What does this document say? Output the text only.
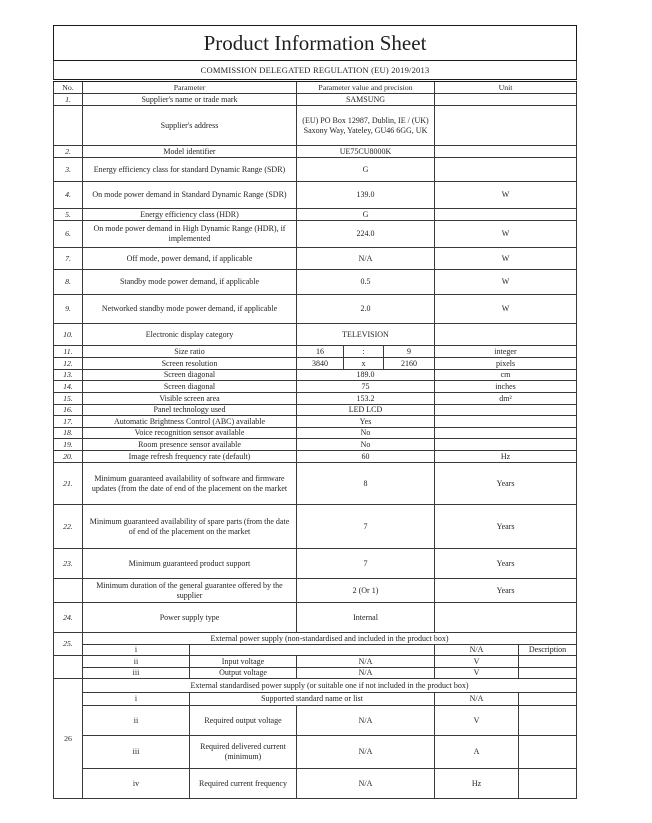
Product Information Sheet							
COMMISSION DELEGATED REGULATION (EU) 2019/2013							
No.	Parameter		Parameter value and precision			Unit	
1.	Supplier's name or trade mark		SAMSUNG				
	Supplier's address		(EU) PO Box 12987, Dublin, IE / (UK) Saxony Way, Yateley, GU46 6GG, UK				
2.	Model identifier		UE75CU8000K				
3.	Energy efficiency class for standard Dynamic Range (SDR)		G				
4.	On mode power demand in Standard Dynamic Range (SDR)		139.0			W	
5.	Energy efficiency class (HDR)		G				
6.	On mode power demand in High Dynamic Range (HDR), if implemented		224.0			W	
7.	Off mode, power demand, if applicable		N/A			W	
8.	Standby mode power demand, if applicable		0.5			W	
9.	Networked standby mode power demand, if applicable		2.0			W	
10.	Electronic display category		TELEVISION				
11.	Size ratio		16	:	9	integer	
12.	Screen resolution		3840	x	2160	pixels	
13.	Screen diagonal		189.0			cm	
14.	Screen diagonal		75			inches	
15.	Visible screen area		153.2			dm²	
16.	Panel technology used		LED LCD				
17.	Automatic Brightness Control (ABC) available		Yes				
18.	Voice recognition sensor available		No				
19.	Room presence sensor available		No				
20.	Image refresh frequency rate (default)		60			Hz	
21.	Minimum guaranteed availability of software and firmware updates (from the date of end of the placement on the market		8			Years	
22.	Minimum guaranteed availability of spare parts (from the date of end of the placement on the market		7			Years	
23.	Minimum guaranteed product support		7			Years	
	Minimum duration of the general guarantee offered by the supplier		2 (Or 1)			Years	
24.	Power supply type		Internal				
25.	External power supply (non-standardised and included in the product box)						
	i					N/A	Description
	ii	Input voltage	N/A			V	
	iii	Output voltage	N/A			V	
26	External standardised power supply (or suitable one if not included in the product box)						
	i	Supported standard name or list				N/A	
	ii	Required output voltage	N/A			V	
	iii	Required delivered current (minimum)	N/A			A	
	iv	Required current frequency	N/A			Hz	
